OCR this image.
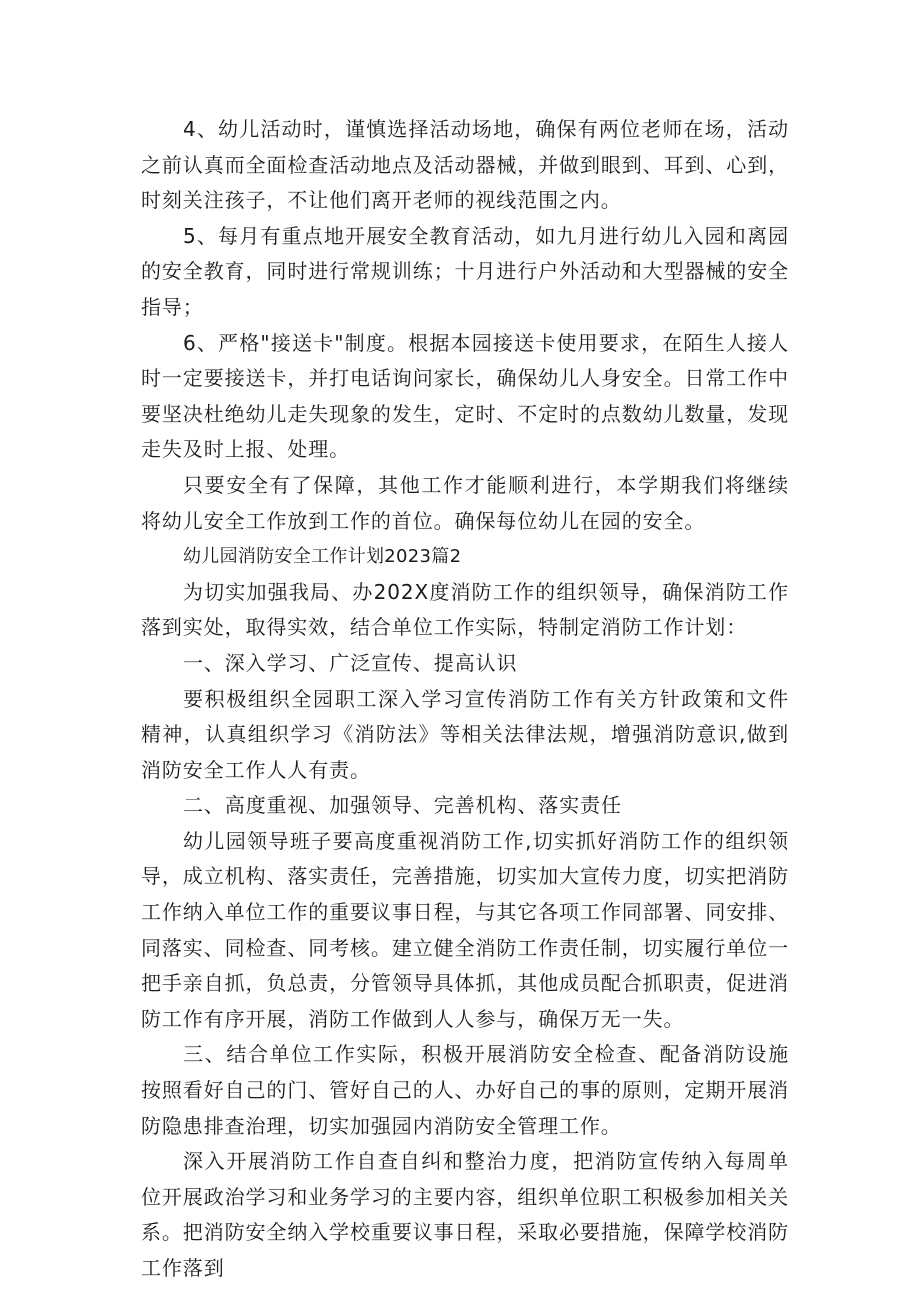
4、幼儿活动时，谨慎选择活动场地，确保有两位老师在场，活动之前认真而全面检查活动地点及活动器械，并做到眼到、耳到、心到，时刻关注孩子，不让他们离开老师的视线范围之内。

5、每月有重点地开展安全教育活动，如九月进行幼儿入园和离园的安全教育，同时进行常规训练；十月进行户外活动和大型器械的安全指导；

6、严格"接送卡"制度。根据本园接送卡使用要求，在陌生人接人时一定要接送卡，并打电话询问家长，确保幼儿人身安全。日常工作中要坚决杜绝幼儿走失现象的发生，定时、不定时的点数幼儿数量，发现走失及时上报、处理。

只要安全有了保障，其他工作才能顺利进行，本学期我们将继续将幼儿安全工作放到工作的首位。确保每位幼儿在园的安全。

幼儿园消防安全工作计划2023篇2

为切实加强我局、办202X度消防工作的组织领导，确保消防工作落到实处，取得实效，结合单位工作实际，特制定消防工作计划：

一、深入学习、广泛宣传、提高认识

要积极组织全园职工深入学习宣传消防工作有关方针政策和文件精神，认真组织学习《消防法》等相关法律法规，增强消防意识,做到消防安全工作人人有责。

二、高度重视、加强领导、完善机构、落实责任

幼儿园领导班子要高度重视消防工作,切实抓好消防工作的组织领导，成立机构、落实责任，完善措施，切实加大宣传力度，切实把消防工作纳入单位工作的重要议事日程，与其它各项工作同部署、同安排、同落实、同检查、同考核。建立健全消防工作责任制，切实履行单位一把手亲自抓，负总责，分管领导具体抓，其他成员配合抓职责，促进消防工作有序开展，消防工作做到人人参与，确保万无一失。

三、结合单位工作实际，积极开展消防安全检查、配备消防设施按照看好自己的门、管好自己的人、办好自己的事的原则，定期开展消防隐患排查治理，切实加强园内消防安全管理工作。

深入开展消防工作自查自纠和整治力度，把消防宣传纳入每周单位开展政治学习和业务学习的主要内容，组织单位职工积极参加相关关系。把消防安全纳入学校重要议事日程，采取必要措施，保障学校消防工作落到
